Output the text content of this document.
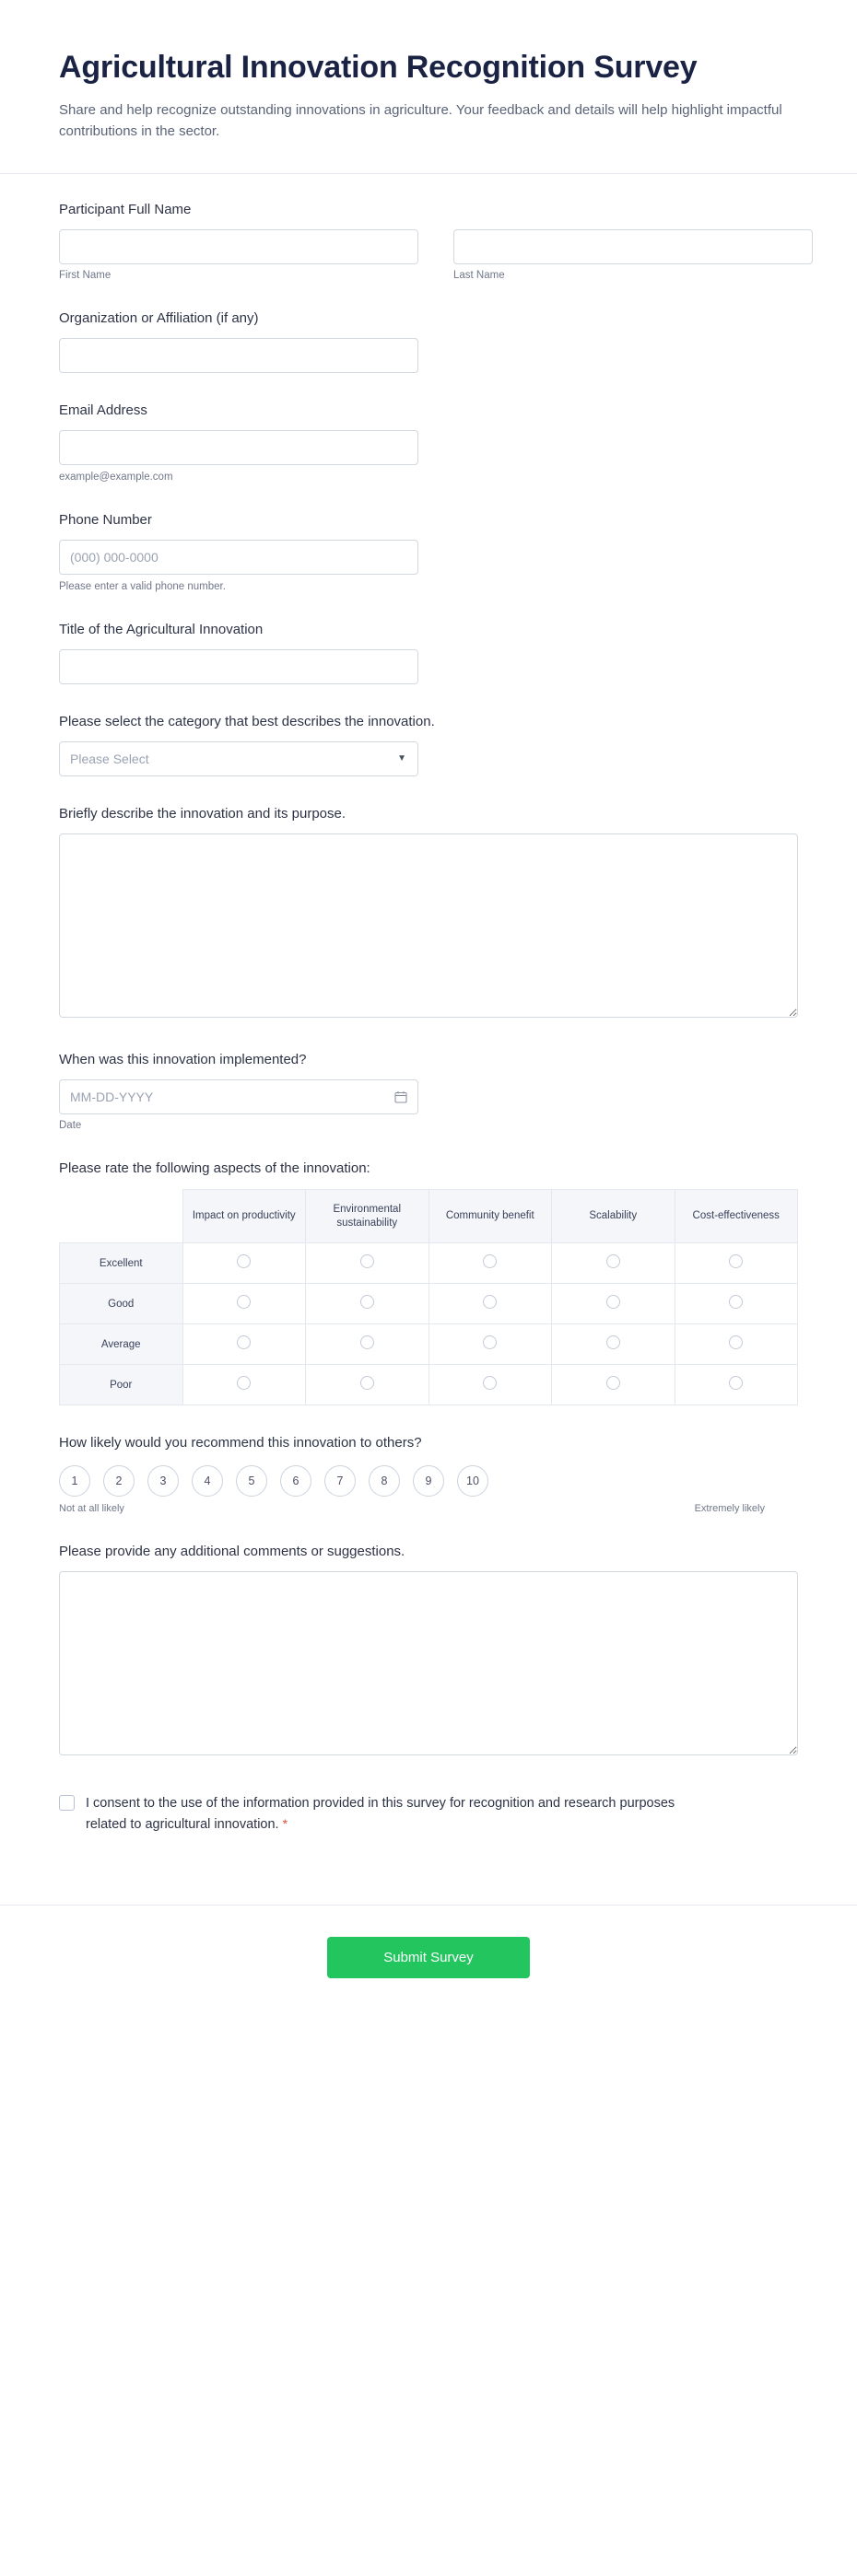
Agricultural Innovation Recognition Survey

Share and help recognize outstanding innovations in agriculture. Your feedback and details will help highlight impactful contributions in the sector.

Participant Full Name
First Name	Last Name
Organization or Affiliation (if any)
Email Address
example@example.com
Phone Number
(000) 000-0000
Please enter a valid phone number.
Title of the Agricultural Innovation
Please select the category that best describes the innovation.
Please Select
▼
Briefly describe the innovation and its purpose.
When was this innovation implemented?
MM-DD-YYYY
Date
Please rate the following aspects of the innovation:
	Impact on productivity	Environmental sustainability	Community benefit	Scalability	Cost-effectiveness
Excellent					
Good					
Average					
Poor					
How likely would you recommend this innovation to others?
1	2	3	4	5	6	7	8	9	10
Not at all likely	Extremely likely
Please provide any additional comments or suggestions.
I consent to the use of the information provided in this survey for recognition and research purposes related to agricultural innovation. *
Submit Survey
